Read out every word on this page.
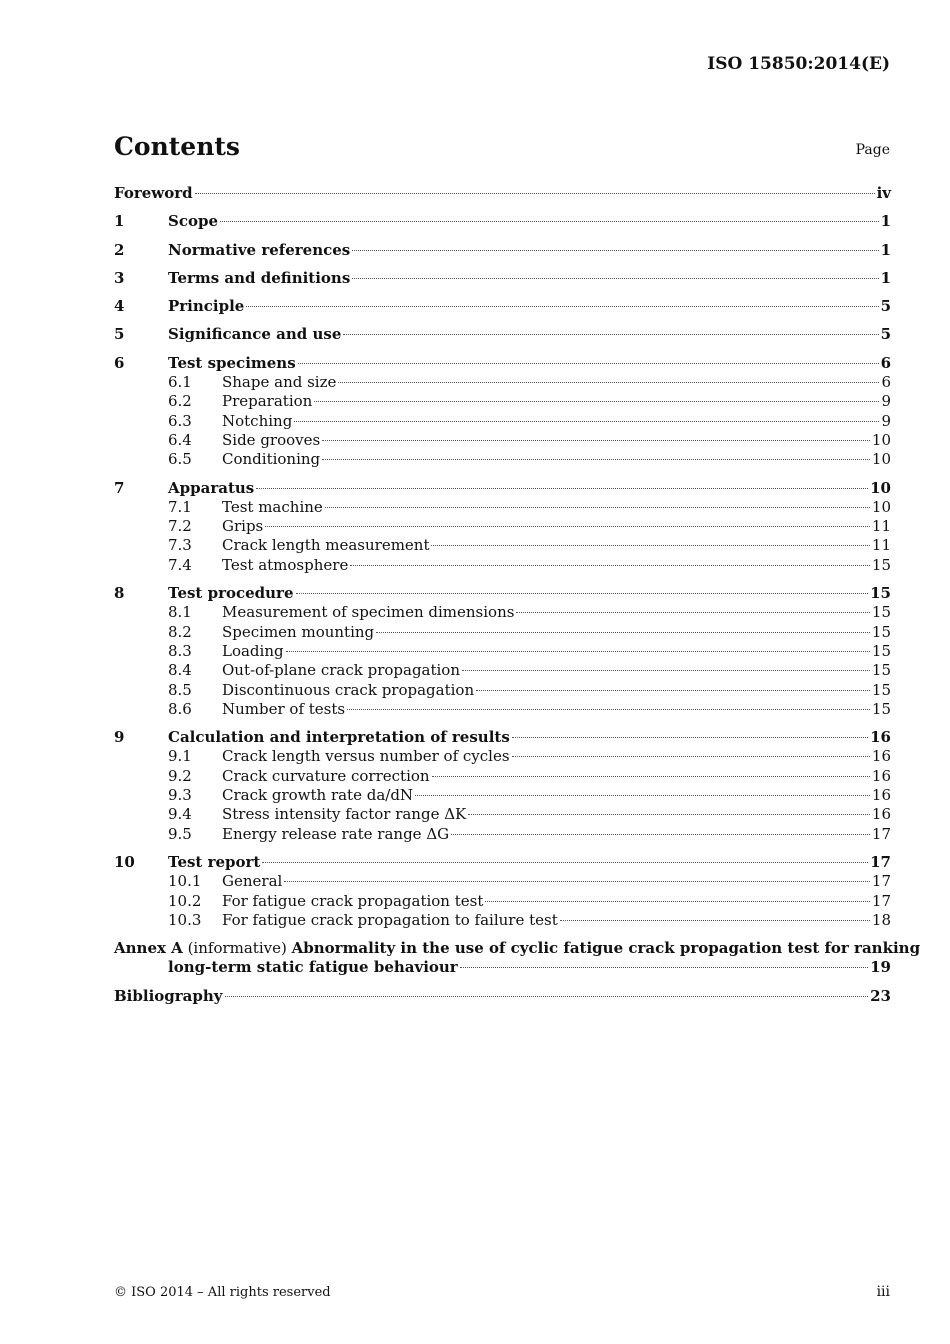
ISO 15850:2014(E)
Contents	Page
Foreword	iv
1	Scope	1
2	Normative references	1
3	Terms and definitions	1
4	Principle	5
5	Significance and use	5
6	Test specimens	6
6.1	Shape and size	6
6.2	Preparation	9
6.3	Notching	9
6.4	Side grooves	10
6.5	Conditioning	10
7	Apparatus	10
7.1	Test machine	10
7.2	Grips	11
7.3	Crack length measurement	11
7.4	Test atmosphere	15
8	Test procedure	15
8.1	Measurement of specimen dimensions	15
8.2	Specimen mounting	15
8.3	Loading	15
8.4	Out-of-plane crack propagation	15
8.5	Discontinuous crack propagation	15
8.6	Number of tests	15
9	Calculation and interpretation of results	16
9.1	Crack length versus number of cycles	16
9.2	Crack curvature correction	16
9.3	Crack growth rate da/dN	16
9.4	Stress intensity factor range ΔK	16
9.5	Energy release rate range ΔG	17
10	Test report	17
10.1	General	17
10.2	For fatigue crack propagation test	17
10.3	For fatigue crack propagation to failure test	18
Annex A (informative) Abnormality in the use of cyclic fatigue crack propagation test for ranking
long-term static fatigue behaviour	19
Bibliography	23
© ISO 2014 – All rights reserved	iii
